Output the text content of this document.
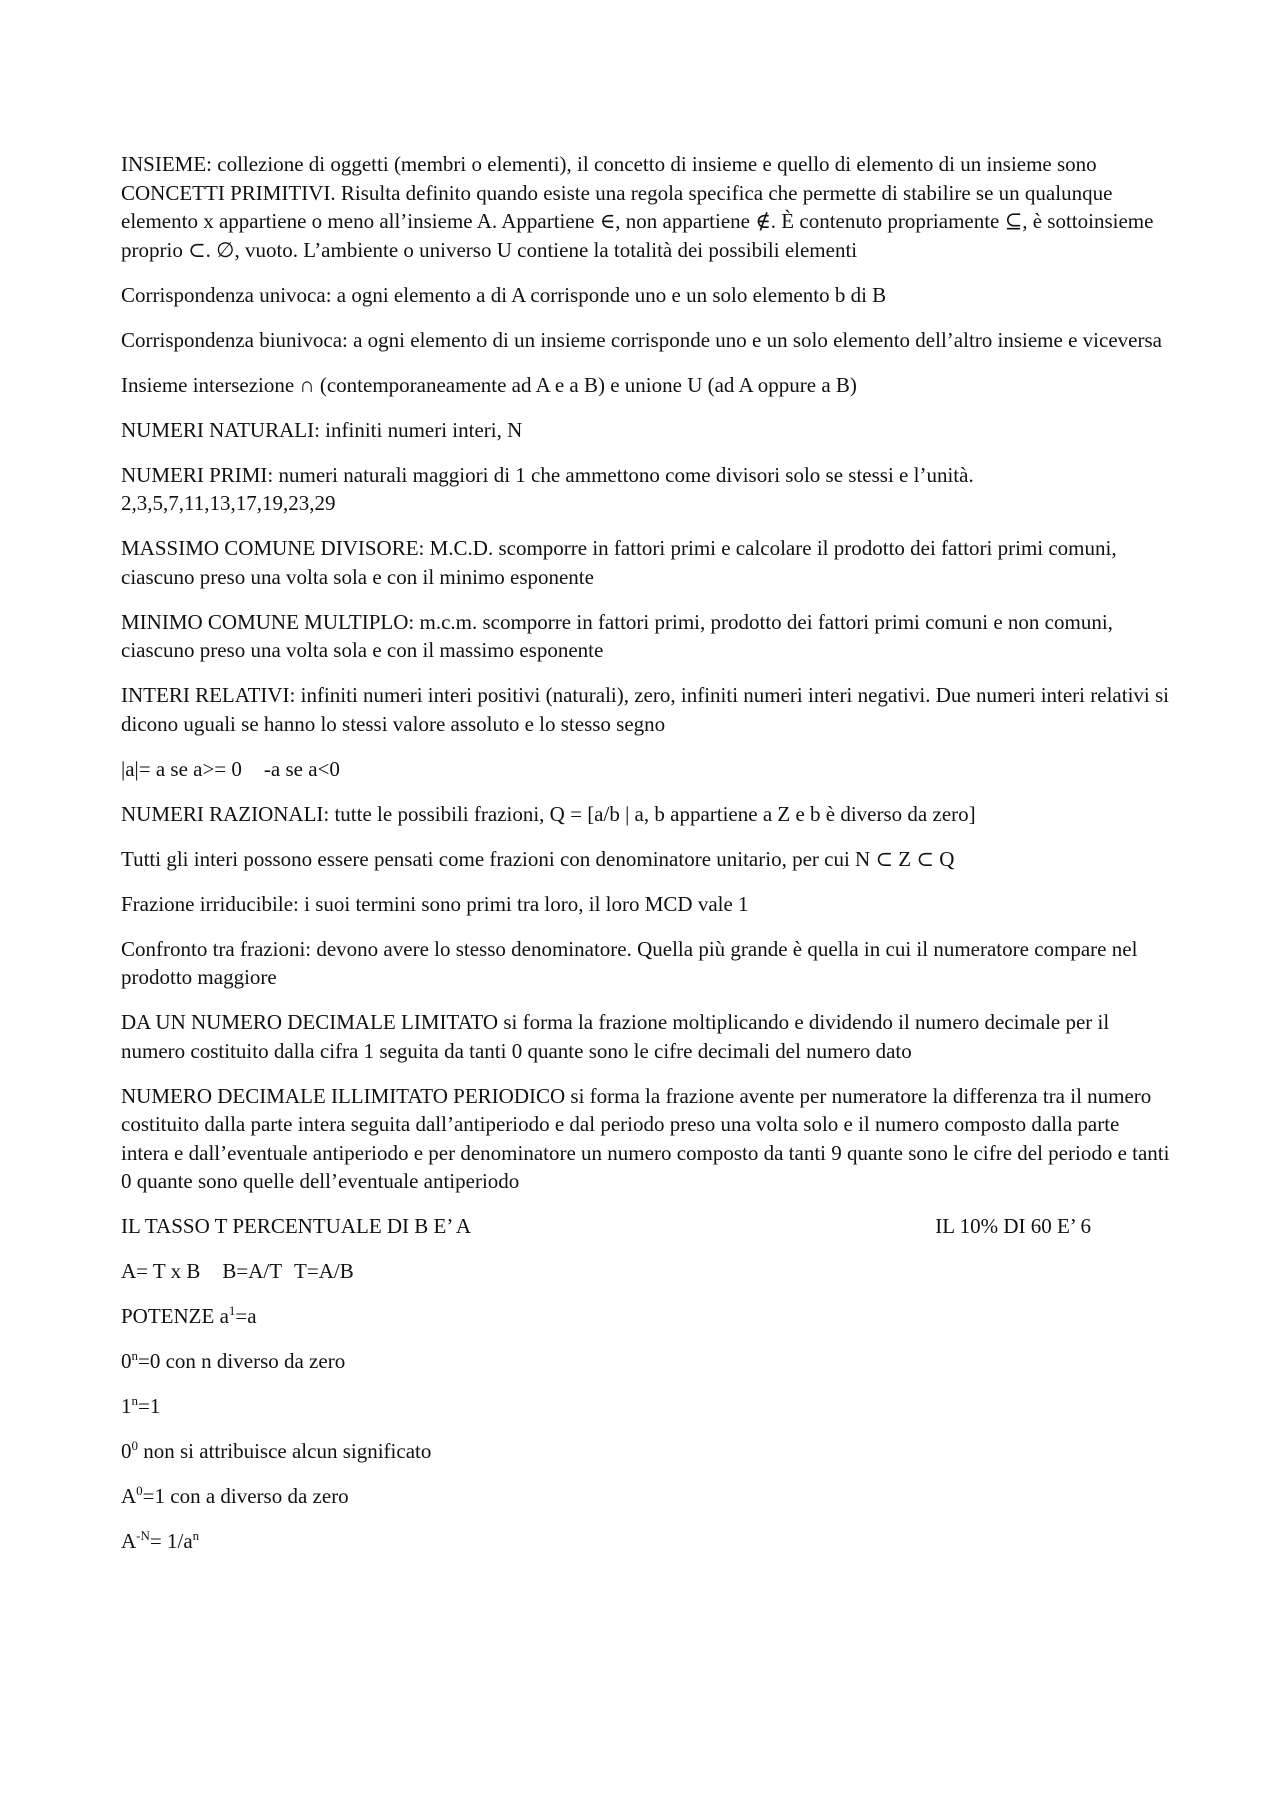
INSIEME: collezione di oggetti (membri o elementi), il concetto di insieme e quello di elemento di un insieme sono CONCETTI PRIMITIVI. Risulta definito quando esiste una regola specifica che permette di stabilire se un qualunque elemento x appartiene o meno all’insieme A. Appartiene ∈, non appartiene ∉. È contenuto propriamente ⊆, è sottoinsieme proprio ⊂. ∅, vuoto. L’ambiente o universo U contiene la totalità dei possibili elementi

Corrispondenza univoca: a ogni elemento a di A corrisponde uno e un solo elemento b di B

Corrispondenza biunivoca: a ogni elemento di un insieme corrisponde uno e un solo elemento dell’altro insieme e viceversa

Insieme intersezione ∩ (contemporaneamente ad A e a B) e unione U (ad A oppure a B)

NUMERI NATURALI: infiniti numeri interi, N

NUMERI PRIMI: numeri naturali maggiori di 1 che ammettono come divisori solo se stessi e l’unità. 2,3,5,7,11,13,17,19,23,29

MASSIMO COMUNE DIVISORE: M.C.D. scomporre in fattori primi e calcolare il prodotto dei fattori primi comuni, ciascuno preso una volta sola e con il minimo esponente

MINIMO COMUNE MULTIPLO: m.c.m. scomporre in fattori primi, prodotto dei fattori primi comuni e non comuni, ciascuno preso una volta sola e con il massimo esponente

INTERI RELATIVI: infiniti numeri interi positivi (naturali), zero, infiniti numeri interi negativi. Due numeri interi relativi si dicono uguali se hanno lo stessi valore assoluto e lo stesso segno

|a|= a se a>= 0 -a se a<0

NUMERI RAZIONALI: tutte le possibili frazioni, Q = [a/b | a, b appartiene a Z e b è diverso da zero]

Tutti gli interi possono essere pensati come frazioni con denominatore unitario, per cui N ⊂ Z ⊂ Q

Frazione irriducibile: i suoi termini sono primi tra loro, il loro MCD vale 1

Confronto tra frazioni: devono avere lo stesso denominatore. Quella più grande è quella in cui il numeratore compare nel prodotto maggiore

DA UN NUMERO DECIMALE LIMITATO si forma la frazione moltiplicando e dividendo il numero decimale per il numero costituito dalla cifra 1 seguita da tanti 0 quante sono le cifre decimali del numero dato

NUMERO DECIMALE ILLIMITATO PERIODICO si forma la frazione avente per numeratore la differenza tra il numero costituito dalla parte intera seguita dall’antiperiodo e dal periodo preso una volta solo e il numero composto dalla parte intera e dall’eventuale antiperiodo e per denominatore un numero composto da tanti 9 quante sono le cifre del periodo e tanti 0 quante sono quelle dell’eventuale antiperiodo

IL TASSO T PERCENTUALE DI B E’ A	IL 10% DI 60 E’ 6

A= T x B B=A/T T=A/B

POTENZE $a^1=a$

$0^n=0$ con n diverso da zero

$1^n=1$

$0^0$ non si attribuisce alcun significato

$A^0=1$ con a diverso da zero

$A^{-N}= 1/a^n$
